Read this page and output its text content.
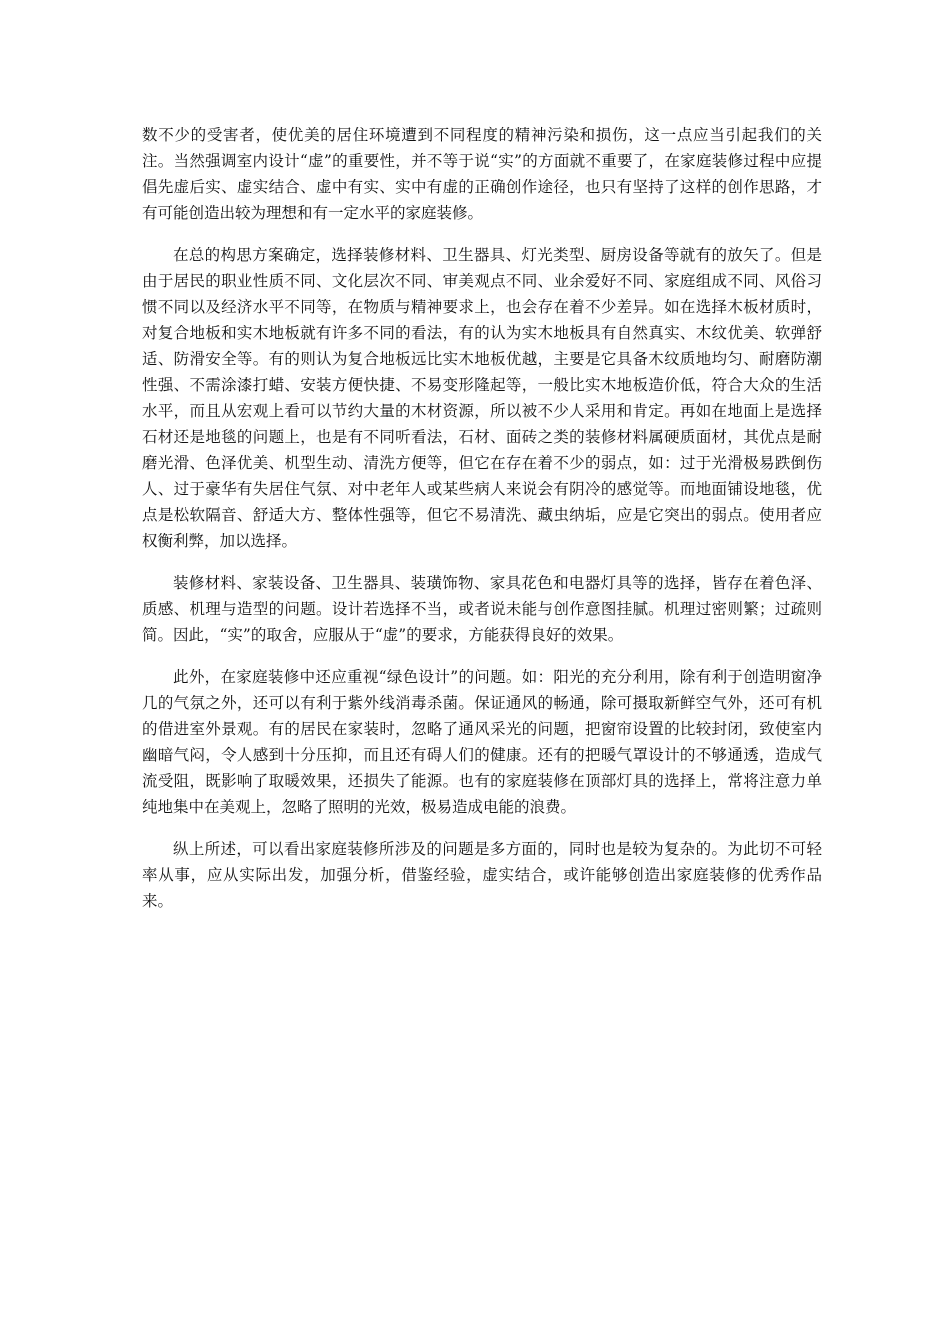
数不少的受害者，使优美的居住环境遭到不同程度的精神污染和损伤，这一点应当引起我们的关注。当然强调室内设计“虚”的重要性，并不等于说“实”的方面就不重要了，在家庭装修过程中应提倡先虚后实、虚实结合、虚中有实、实中有虚的正确创作途径，也只有坚持了这样的创作思路，才有可能创造出较为理想和有一定水平的家庭装修。

在总的构思方案确定，选择装修材料、卫生器具、灯光类型、厨房设备等就有的放矢了。但是由于居民的职业性质不同、文化层次不同、审美观点不同、业余爱好不同、家庭组成不同、风俗习惯不同以及经济水平不同等，在物质与精神要求上，也会存在着不少差异。如在选择木板材质时，对复合地板和实木地板就有许多不同的看法，有的认为实木地板具有自然真实、木纹优美、软弹舒适、防滑安全等。有的则认为复合地板远比实木地板优越，主要是它具备木纹质地均匀、耐磨防潮性强、不需涂漆打蜡、安装方便快捷、不易变形隆起等，一般比实木地板造价低，符合大众的生活水平，而且从宏观上看可以节约大量的木材资源，所以被不少人采用和肯定。再如在地面上是选择石材还是地毯的问题上，也是有不同听看法，石材、面砖之类的装修材料属硬质面材，其优点是耐磨光滑、色泽优美、机型生动、清洗方便等，但它在存在着不少的弱点，如：过于光滑极易跌倒伤人、过于豪华有失居住气氛、对中老年人或某些病人来说会有阴冷的感觉等。而地面铺设地毯，优点是松软隔音、舒适大方、整体性强等，但它不易清洗、藏虫纳垢，应是它突出的弱点。使用者应权衡利弊，加以选择。

装修材料、家装设备、卫生器具、装璜饰物、家具花色和电器灯具等的选择，皆存在着色泽、质感、机理与造型的问题。设计若选择不当，或者说未能与创作意图挂腻。机理过密则繁；过疏则简。因此，“实”的取舍，应服从于“虚”的要求，方能获得良好的效果。

此外，在家庭装修中还应重视“绿色设计”的问题。如：阳光的充分利用，除有利于创造明窗净几的气氛之外，还可以有利于紫外线消毒杀菌。保证通风的畅通，除可摄取新鲜空气外，还可有机的借进室外景观。有的居民在家装时，忽略了通风采光的问题，把窗帘设置的比较封闭，致使室内幽暗气闷，令人感到十分压抑，而且还有碍人们的健康。还有的把暖气罩设计的不够通透，造成气流受阻，既影响了取暖效果，还损失了能源。也有的家庭装修在顶部灯具的选择上，常将注意力单纯地集中在美观上，忽略了照明的光效，极易造成电能的浪费。

纵上所述，可以看出家庭装修所涉及的问题是多方面的，同时也是较为复杂的。为此切不可轻率从事，应从实际出发，加强分析，借鉴经验，虚实结合，或许能够创造出家庭装修的优秀作品来。
